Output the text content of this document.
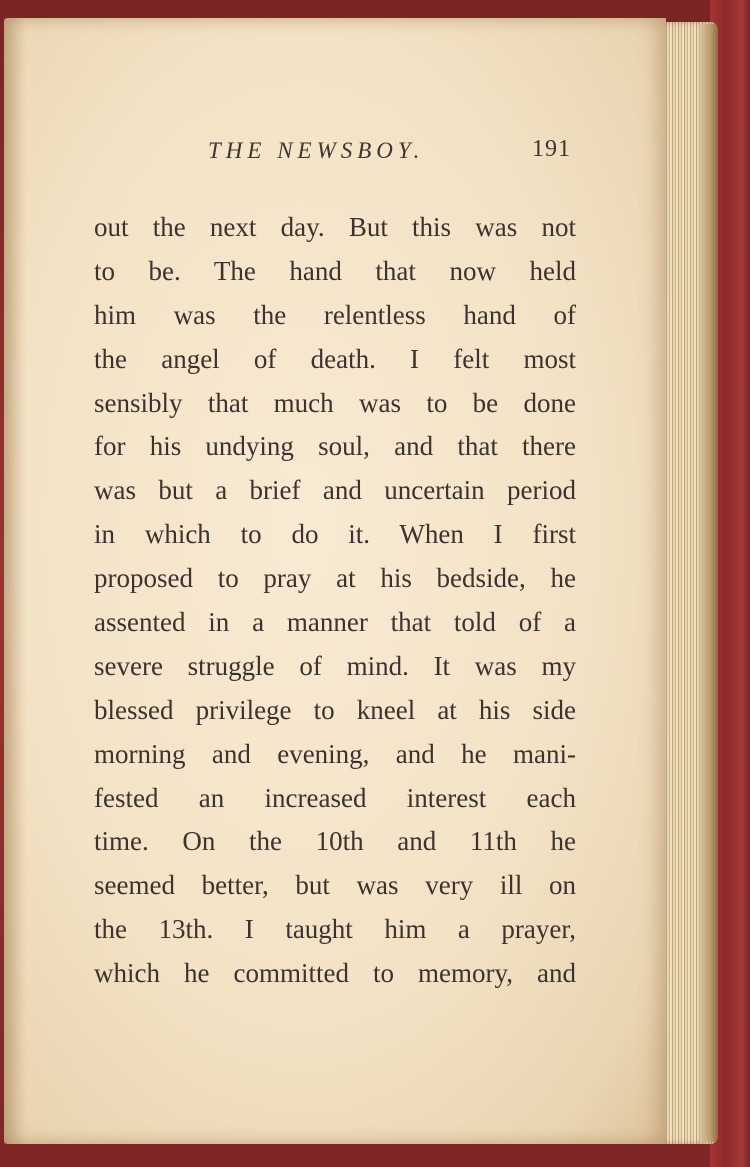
THE NEWSBOY.	191
out the next day. But this was not
to be. The hand that now held
him was the relentless hand of
the angel of death. I felt most
sensibly that much was to be done
for his undying soul, and that there
was but a brief and uncertain period
in which to do it. When I first
proposed to pray at his bedside, he
assented in a manner that told of a
severe struggle of mind. It was my
blessed privilege to kneel at his side
morning and evening, and he mani-
fested an increased interest each
time. On the 10th and 11th he
seemed better, but was very ill on
the 13th. I taught him a prayer,
which he committed to memory, and
